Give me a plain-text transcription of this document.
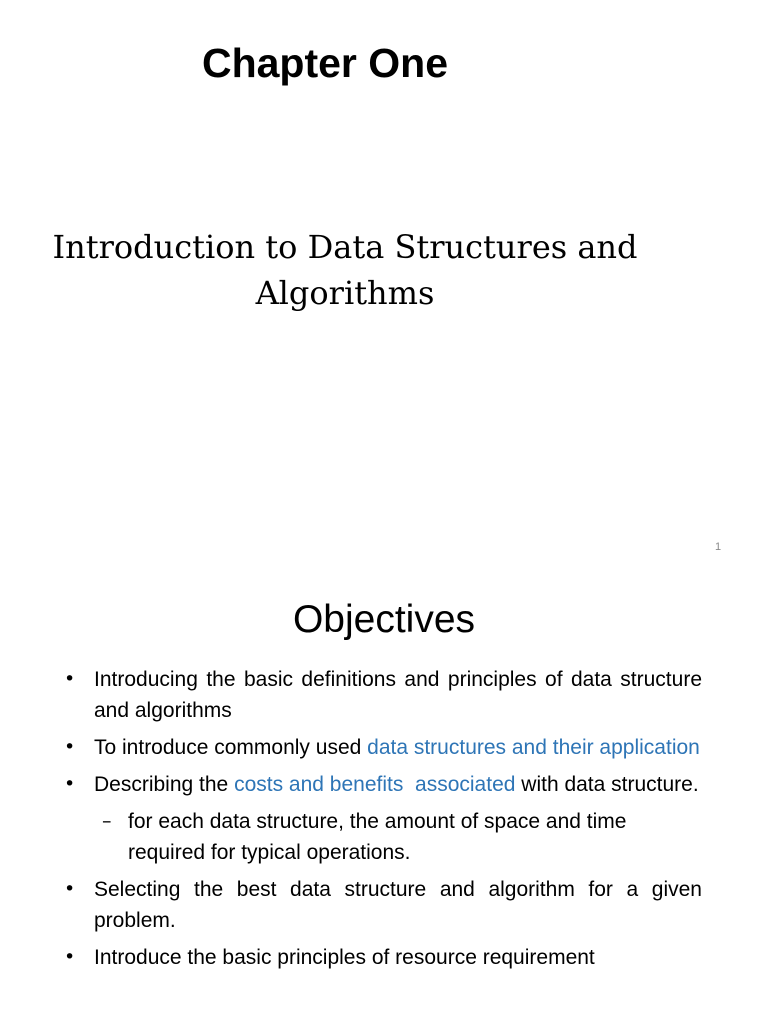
Chapter One
Introduction to Data Structures and
Algorithms
1
Objectives
• Introducing the basic definitions and principles of data structure and algorithms
• To introduce commonly used data structures and their application
• Describing the costs and benefits associated with data structure.
– for each data structure, the amount of space and time required for typical operations.
• Selecting the best data structure and algorithm for a given problem.
• Introduce the basic principles of resource requirement
